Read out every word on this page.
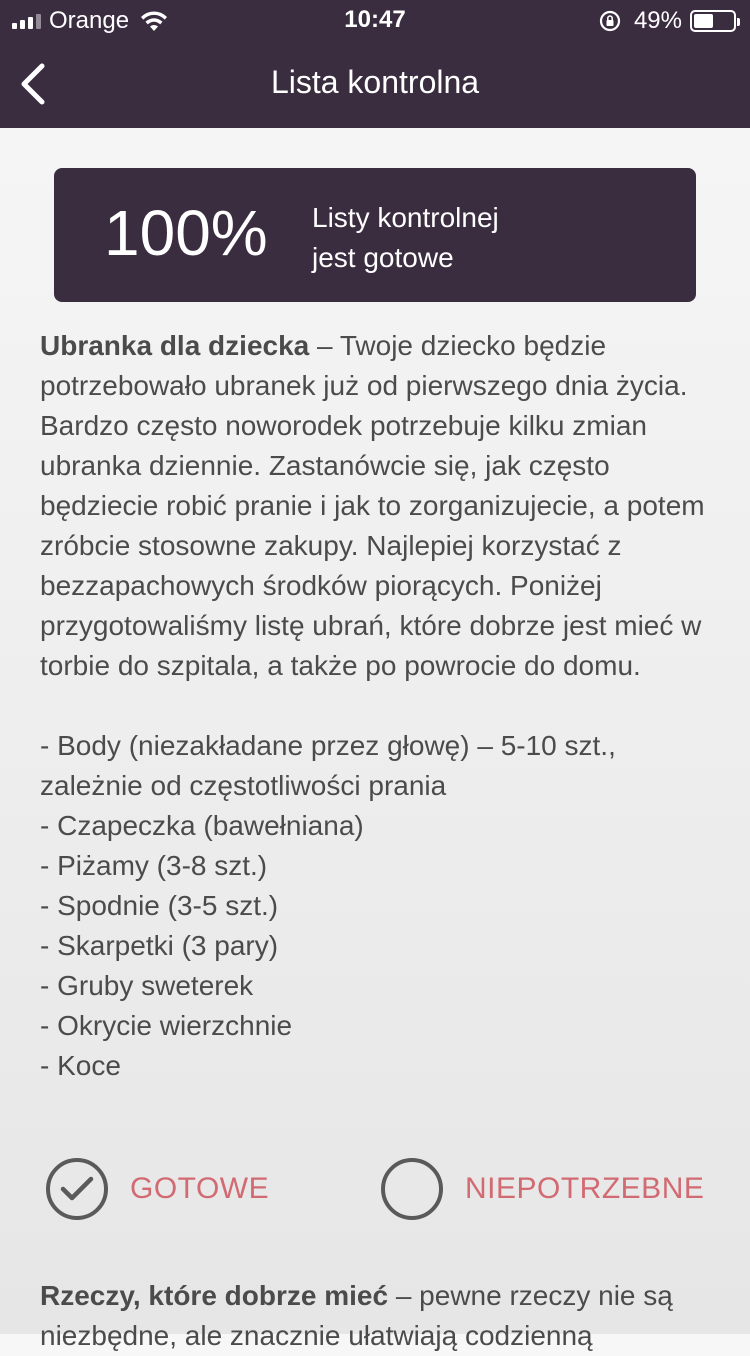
Orange	10:47	49%
Lista kontrolna
100% Listy kontrolnej
jest gotowe

Ubranka dla dziecka – Twoje dziecko będzie potrzebowało ubranek już od pierwszego dnia życia. Bardzo często noworodek potrzebuje kilku zmian ubranka dziennie. Zastanówcie się, jak często będziecie robić pranie i jak to zorganizujecie, a potem zróbcie stosowne zakupy. Najlepiej korzystać z bezzapachowych środków piorących. Poniżej przygotowaliśmy listę ubrań, które dobrze jest mieć w torbie do szpitala, a także po powrocie do domu.

- Body (niezakładane przez głowę) – 5-10 szt., zależnie od częstotliwości prania

- Czapeczka (bawełniana)

- Piżamy (3-8 szt.)

- Spodnie (3-5 szt.)

- Skarpetki (3 pary)

- Gruby sweterek

- Okrycie wierzchnie

- Koce

GOTOWE	NIEPOTRZEBNE
Rzeczy, które dobrze mieć – pewne rzeczy nie są niezbędne, ale znacznie ułatwiają codzienną
